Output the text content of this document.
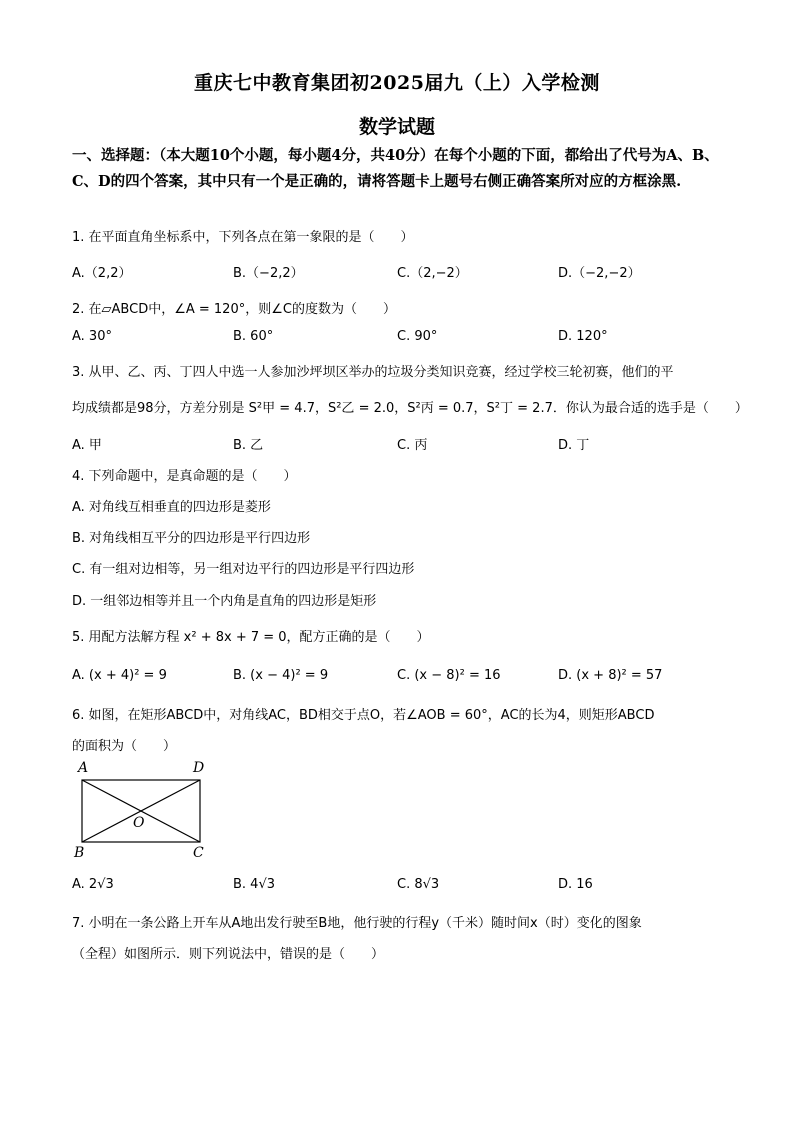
重庆七中教育集团初2025届九（上）入学检测
数学试题
一、选择题：（本大题10个小题，每小题4分，共40分）在每个小题的下面，都给出了代号为A、B、C、D的四个答案，其中只有一个是正确的，请将答题卡上题号右侧正确答案所对应的方框涂黑.
1. 在平面直角坐标系中，下列各点在第一象限的是（　　）
A.（2,2）	B.（−2,2）	C.（2,−2）	D.（−2,−2）
2. 在▱ABCD中，∠A = 120°，则∠C的度数为（　　）
A. 30°	B. 60°	C. 90°	D. 120°
3. 从甲、乙、丙、丁四人中选一人参加沙坪坝区举办的垃圾分类知识竞赛，经过学校三轮初赛，他们的平
均成绩都是98分，方差分别是 S²甲 = 4.7，S²乙 = 2.0，S²丙 = 0.7，S²丁 = 2.7．你认为最合适的选手是（　　）
A. 甲	B. 乙	C. 丙	D. 丁
4. 下列命题中，是真命题的是（　　）
A. 对角线互相垂直的四边形是菱形
B. 对角线相互平分的四边形是平行四边形
C. 有一组对边相等，另一组对边平行的四边形是平行四边形
D. 一组邻边相等并且一个内角是直角的四边形是矩形
5. 用配方法解方程 x² + 8x + 7 = 0，配方正确的是（　　）
A. (x + 4)² = 9	B. (x − 4)² = 9	C. (x − 8)² = 16	D. (x + 8)² = 57
6. 如图，在矩形ABCD中，对角线AC，BD相交于点O，若∠AOB = 60°，AC的长为4，则矩形ABCD
的面积为（　　）
A	D
B	C
O
A. 2√3	B. 4√3	C. 8√3	D. 16
7. 小明在一条公路上开车从A地出发行驶至B地，他行驶的行程y（千米）随时间x（时）变化的图象
（全程）如图所示．则下列说法中，错误的是（　　）
